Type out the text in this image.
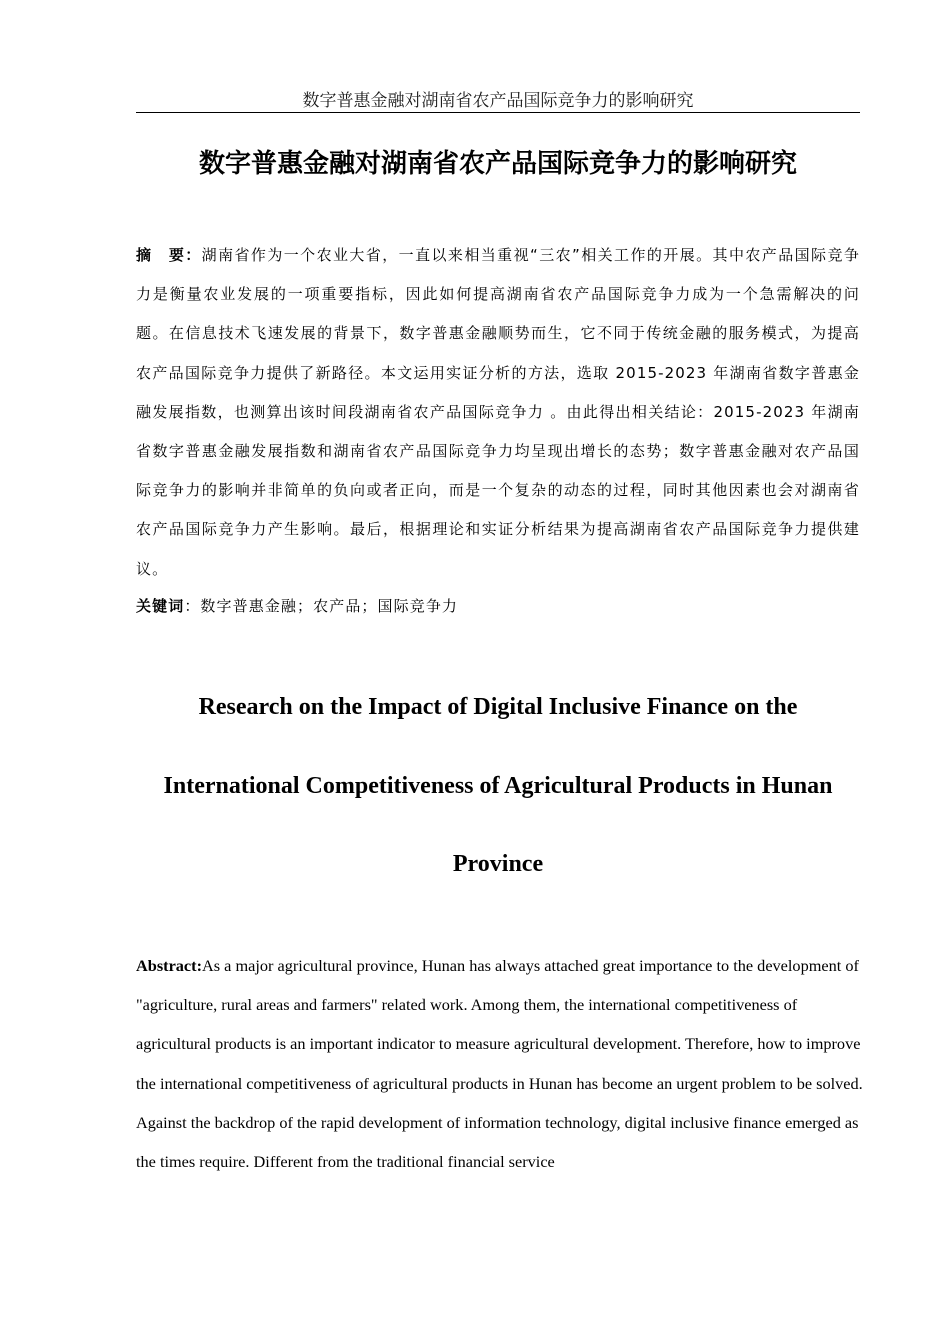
数字普惠金融对湖南省农产品国际竞争力的影响研究
数字普惠金融对湖南省农产品国际竞争力的影响研究

摘　要：湖南省作为一个农业大省，一直以来相当重视“三农”相关工作的开展。其中农产品国际竞争力是衡量农业发展的一项重要指标，因此如何提高湖南省农产品国际竞争力成为一个急需解决的问题。在信息技术飞速发展的背景下，数字普惠金融顺势而生，它不同于传统金融的服务模式，为提高农产品国际竞争力提供了新路径。本文运用实证分析的方法，选取 2015-2023 年湖南省数字普惠金融发展指数，也测算出该时间段湖南省农产品国际竞争力 。由此得出相关结论：2015-2023 年湖南省数字普惠金融发展指数和湖南省农产品国际竞争力均呈现出增长的态势；数字普惠金融对农产品国际竞争力的影响并非简单的负向或者正向，而是一个复杂的动态的过程，同时其他因素也会对湖南省农产品国际竞争力产生影响。最后，根据理论和实证分析结果为提高湖南省农产品国际竞争力提供建议。

关键词：数字普惠金融；农产品；国际竞争力

Research on the Impact of Digital Inclusive Finance on the International Competitiveness of Agricultural Products in Hunan Province

Abstract:As a major agricultural province, Hunan has always attached great importance to the development of "agriculture, rural areas and farmers" related work. Among them, the international competitiveness of agricultural products is an important indicator to measure agricultural development. Therefore, how to improve the international competitiveness of agricultural products in Hunan has become an urgent problem to be solved. Against the backdrop of the rapid development of information technology, digital inclusive finance emerged as the times require. Different from the traditional financial service
